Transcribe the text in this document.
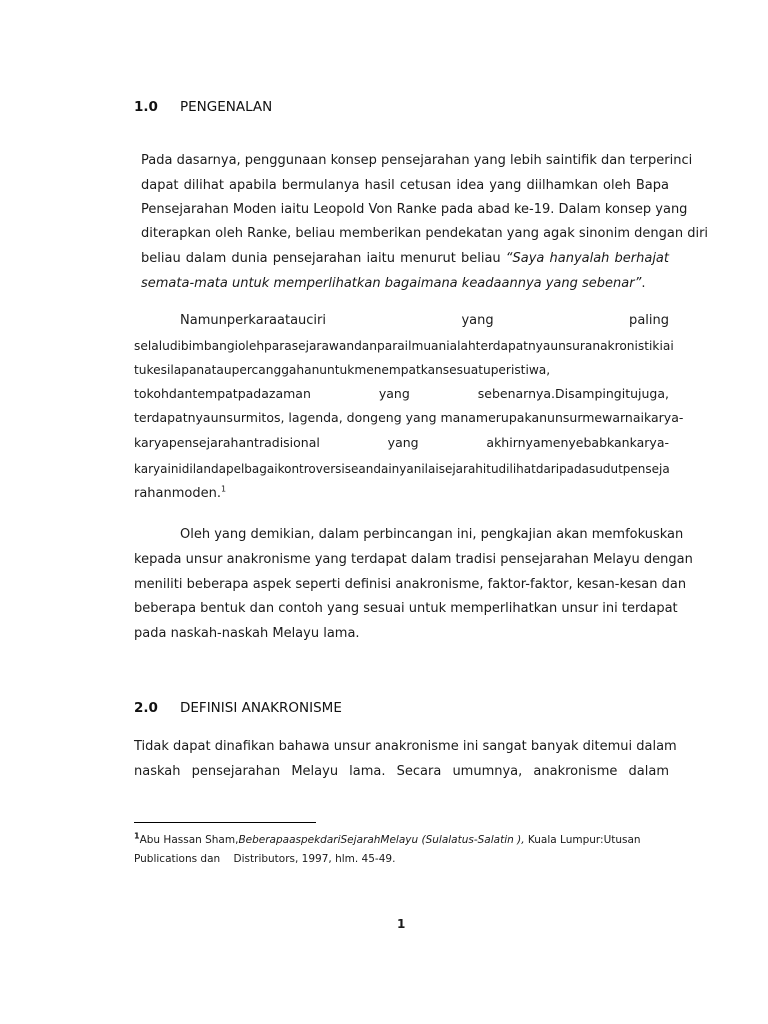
1.0 PENGENALAN
Pada dasarnya, penggunaan konsep pensejarahan yang lebih saintifik dan terperinci
dapat dilihat apabila bermulanya hasil cetusan idea yang diilhamkan oleh Bapa
Pensejarahan Moden iaitu Leopold Von Ranke pada abad ke-19. Dalam konsep yang
diterapkan oleh Ranke, beliau memberikan pendekatan yang agak sinonim dengan diri
beliau dalam dunia pensejarahan iaitu menurut beliau “Saya hanyalah berhajat
semata-mata untuk memperlihatkan bagaimana keadaannya yang sebenar”.
Namunperkaraatauciri yang paling
selaludibimbangiolehparasejarawandanparailmuanialahterdapatnyaunsuranakronistikiai
tukesilapanataupercanggahanuntukmenempatkansesuatuperistiwa,
tokohdantempatpadazaman yang sebenarnya.Disampingitujuga,
terdapatnyaunsurmitos, lagenda, dongeng yang manamerupakanunsurmewarnaikarya-
karyapensejarahantradisional yang akhirnyamenyebabkankarya-
karyainidilandapelbagaikontroversiseandainyanilaisejarahitudilihatdaripadasudutpenseja
rahanmoden.$^1$
Oleh yang demikian, dalam perbincangan ini, pengkajian akan memfokuskan
kepada unsur anakronisme yang terdapat dalam tradisi pensejarahan Melayu dengan
meniliti beberapa aspek seperti definisi anakronisme, faktor-faktor, kesan-kesan dan
beberapa bentuk dan contoh yang sesuai untuk memperlihatkan unsur ini terdapat
pada naskah-naskah Melayu lama.
2.0 DEFINISI ANAKRONISME
Tidak dapat dinafikan bahawa unsur anakronisme ini sangat banyak ditemui dalam
naskah pensejarahan Melayu lama. Secara umumnya, anakronisme dalam
$^1$Abu Hassan Sham,BeberapaaspekdariSejarahMelayu (Sulalatus-Salatin ), Kuala Lumpur:Utusan
Publications dan    Distributors, 1997, hlm. 45-49.
1
